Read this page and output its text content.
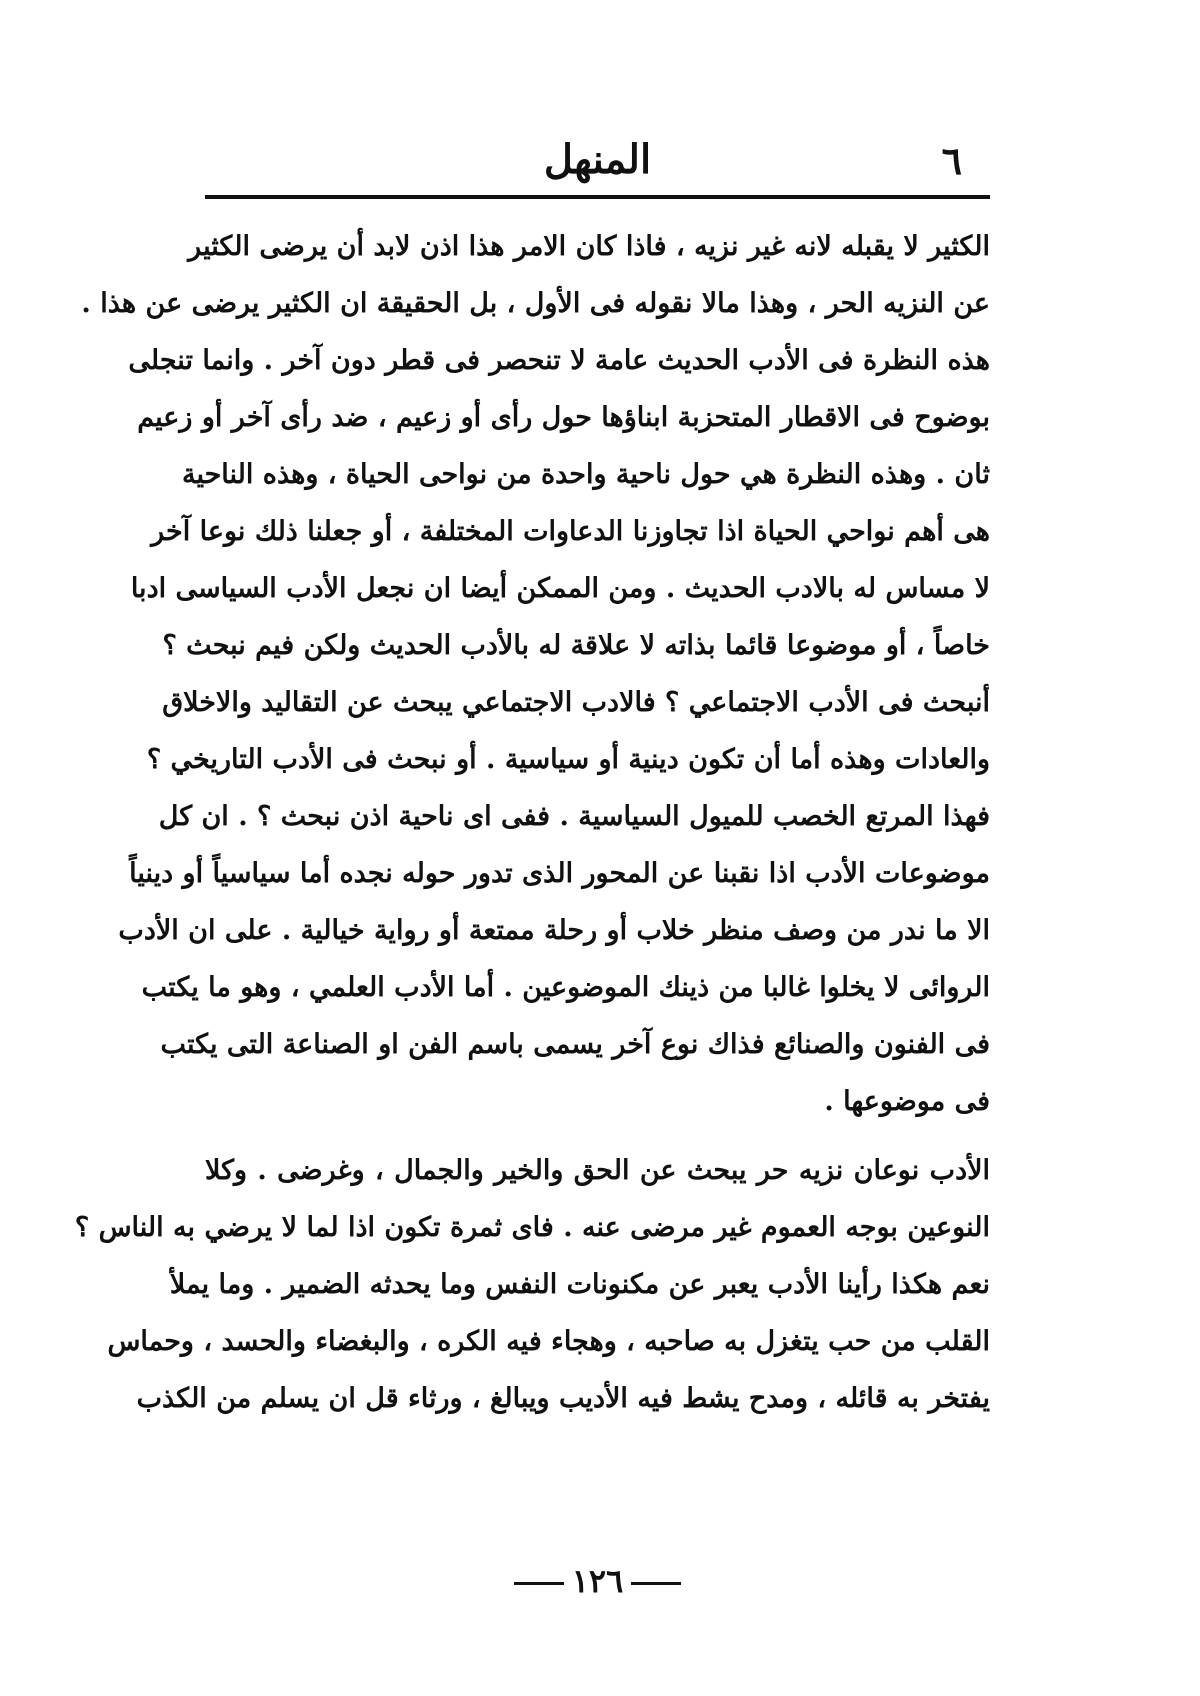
٦
المنهل
الكثير لا يقبله لانه غير نزيه ، فاذا كان الامر هذا اذن لابد أن يرضى الكثير
عن النزيه الحر ، وهذا مالا نقوله فى الأول ، بل الحقيقة ان الكثير يرضى عن هذا .
هذه النظرة فى الأدب الحديث عامة لا تنحصر فى قطر دون آخر . وانما تنجلى
بوضوح فى الاقطار المتحزبة ابناؤها حول رأى أو زعيم ، ضد رأى آخر أو زعيم
ثان . وهذه النظرة هي حول ناحية واحدة من نواحى الحياة ، وهذه الناحية
هى أهم نواحي الحياة اذا تجاوزنا الدعاوات المختلفة ، أو جعلنا ذلك نوعا آخر
لا مساس له بالادب الحديث . ومن الممكن أيضا ان نجعل الأدب السياسى ادبا
خاصاً ، أو موضوعا قائما بذاته لا علاقة له بالأدب الحديث ولكن فيم نبحث ؟
أنبحث فى الأدب الاجتماعي ؟ فالادب الاجتماعي يبحث عن التقاليد والاخلاق
والعادات وهذه أما أن تكون دينية أو سياسية . أو نبحث فى الأدب التاريخي ؟
فهذا المرتع الخصب للميول السياسية . ففى اى ناحية اذن نبحث ؟ . ان كل
موضوعات الأدب اذا نقبنا عن المحور الذى تدور حوله نجده أما سياسياً أو دينياً
الا ما ندر من وصف منظر خلاب أو رحلة ممتعة أو رواية خيالية . على ان الأدب
الروائى لا يخلوا غالبا من ذينك الموضوعين . أما الأدب العلمي ، وهو ما يكتب
فى الفنون والصنائع فذاك نوع آخر يسمى باسم الفن او الصناعة التى يكتب
فى موضوعها .
الأدب نوعان نزيه حر يبحث عن الحق والخير والجمال ، وغرضى . وكلا
النوعين بوجه العموم غير مرضى عنه . فاى ثمرة تكون اذا لما لا يرضي به الناس ؟
نعم هكذا رأينا الأدب يعبر عن مكنونات النفس وما يحدثه الضمير . وما يملأ
القلب من حب يتغزل به صاحبه ، وهجاء فيه الكره ، والبغضاء والحسد ، وحماس
يفتخر به قائله ، ومدح يشط فيه الأديب ويبالغ ، ورثاء قل ان يسلم من الكذب
١٢٦
